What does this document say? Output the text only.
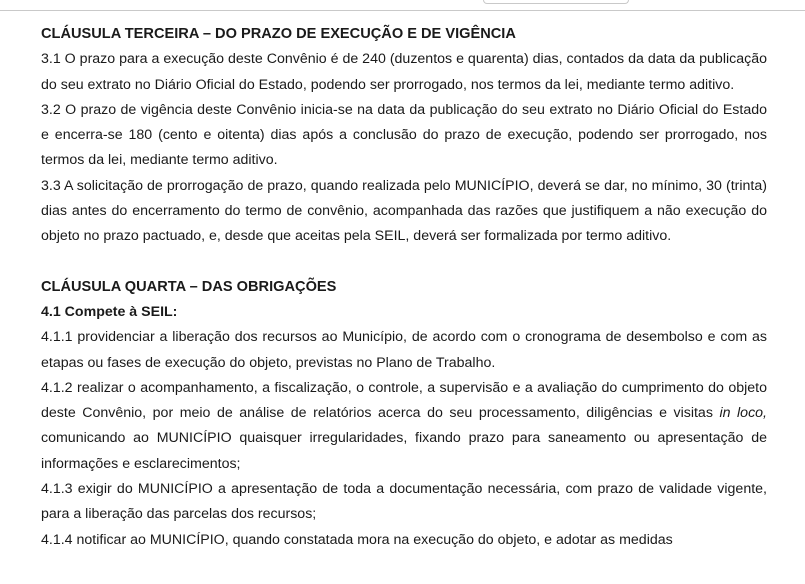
CLÁUSULA TERCEIRA – DO PRAZO DE EXECUÇÃO E DE VIGÊNCIA

3.1 O prazo para a execução deste Convênio é de 240 (duzentos e quarenta) dias, contados da data da publicação do seu extrato no Diário Oficial do Estado, podendo ser prorrogado, nos termos da lei, mediante termo aditivo.

3.2 O prazo de vigência deste Convênio inicia-se na data da publicação do seu extrato no Diário Oficial do Estado e encerra-se 180 (cento e oitenta) dias após a conclusão do prazo de execução, podendo ser prorrogado, nos termos da lei, mediante termo aditivo.

3.3 A solicitação de prorrogação de prazo, quando realizada pelo MUNICÍPIO, deverá se dar, no mínimo, 30 (trinta) dias antes do encerramento do termo de convênio, acompanhada das razões que justifiquem a não execução do objeto no prazo pactuado, e, desde que aceitas pela SEIL, deverá ser formalizada por termo aditivo.

CLÁUSULA QUARTA – DAS OBRIGAÇÕES

4.1 Compete à SEIL:

4.1.1 providenciar a liberação dos recursos ao Município, de acordo com o cronograma de desembolso e com as etapas ou fases de execução do objeto, previstas no Plano de Trabalho.

4.1.2 realizar o acompanhamento, a fiscalização, o controle, a supervisão e a avaliação do cumprimento do objeto deste Convênio, por meio de análise de relatórios acerca do seu processamento, diligências e visitas in loco, comunicando ao MUNICÍPIO quaisquer irregularidades, fixando prazo para saneamento ou apresentação de informações e esclarecimentos;

4.1.3 exigir do MUNICÍPIO a apresentação de toda a documentação necessária, com prazo de validade vigente, para a liberação das parcelas dos recursos;

4.1.4 notificar ao MUNICÍPIO, quando constatada mora na execução do objeto, e adotar as medidas
